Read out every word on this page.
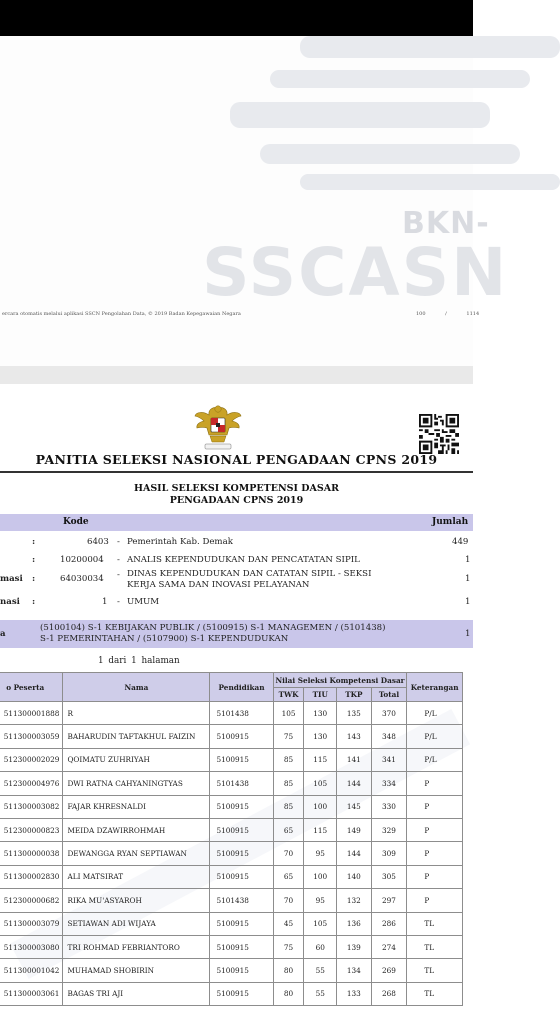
BKN-
SSCASN
ercara otomatis melalui aplikasi SSCN Pengolahan Data, © 2019 Badan Kepegawaian Negara	100	/	1114
PANITIA SELEKSI NASIONAL PENGADAAN CPNS 2019
HASIL SELEKSI KOMPETENSI DASAR
PENGADAAN CPNS 2019
Kode	Jumlah
:	6403 - Pemerintah Kab. Demak	449
:	10200004 - ANALIS KEPENDUDUKAN DAN PENCATATAN SIPIL	1
masi :	64030034 - DINAS KEPENDUDUKAN DAN CATATAN SIPIL - SEKSI
KERJA SAMA DAN INOVASI PELAYANAN
1
nasi :	1 - UMUM	1
a
(5100104) S-1 KEBIJAKAN PUBLIK / (5100915) S-1 MANAGEMEN / (5101438)
S-1 PEMERINTAHAN / (5107900) S-1 KEPENDUDUKAN	1
1 dari 1 halaman
o Peserta	Nama	Pendidikan	Nilai Seleksi Kompetensi Dasar				Keterangan
			TWK	TIU	TKP	Total	
511300001888	R	5101438	105	130	135	370	P/L
511300003059	BAHARUDIN TAFTAKHUL FAIZIN	5100915	75	130	143	348	P/L
512300002029	QOIMATU ZUHRIYAH	5100915	85	115	141	341	P/L
512300004976	DWI RATNA CAHYANINGTYAS	5101438	85	105	144	334	P
511300003082	FAJAR KHRESNALDI	5100915	85	100	145	330	P
512300000823	MEIDA DZAWIRROHMAH	5100915	65	115	149	329	P
511300000038	DEWANGGA RYAN SEPTIAWAN	5100915	70	95	144	309	P
511300002830	ALI MATSIRAT	5100915	65	100	140	305	P
512300000682	RIKA MU'ASYAROH	5101438	70	95	132	297	P
511300003079	SETIAWAN ADI WIJAYA	5100915	45	105	136	286	TL
511300003080	TRI ROHMAD FEBRIANTORO	5100915	75	60	139	274	TL
511300001042	MUHAMAD SHOBIRIN	5100915	80	55	134	269	TL
511300003061	BAGAS TRI AJI	5100915	80	55	133	268	TL
